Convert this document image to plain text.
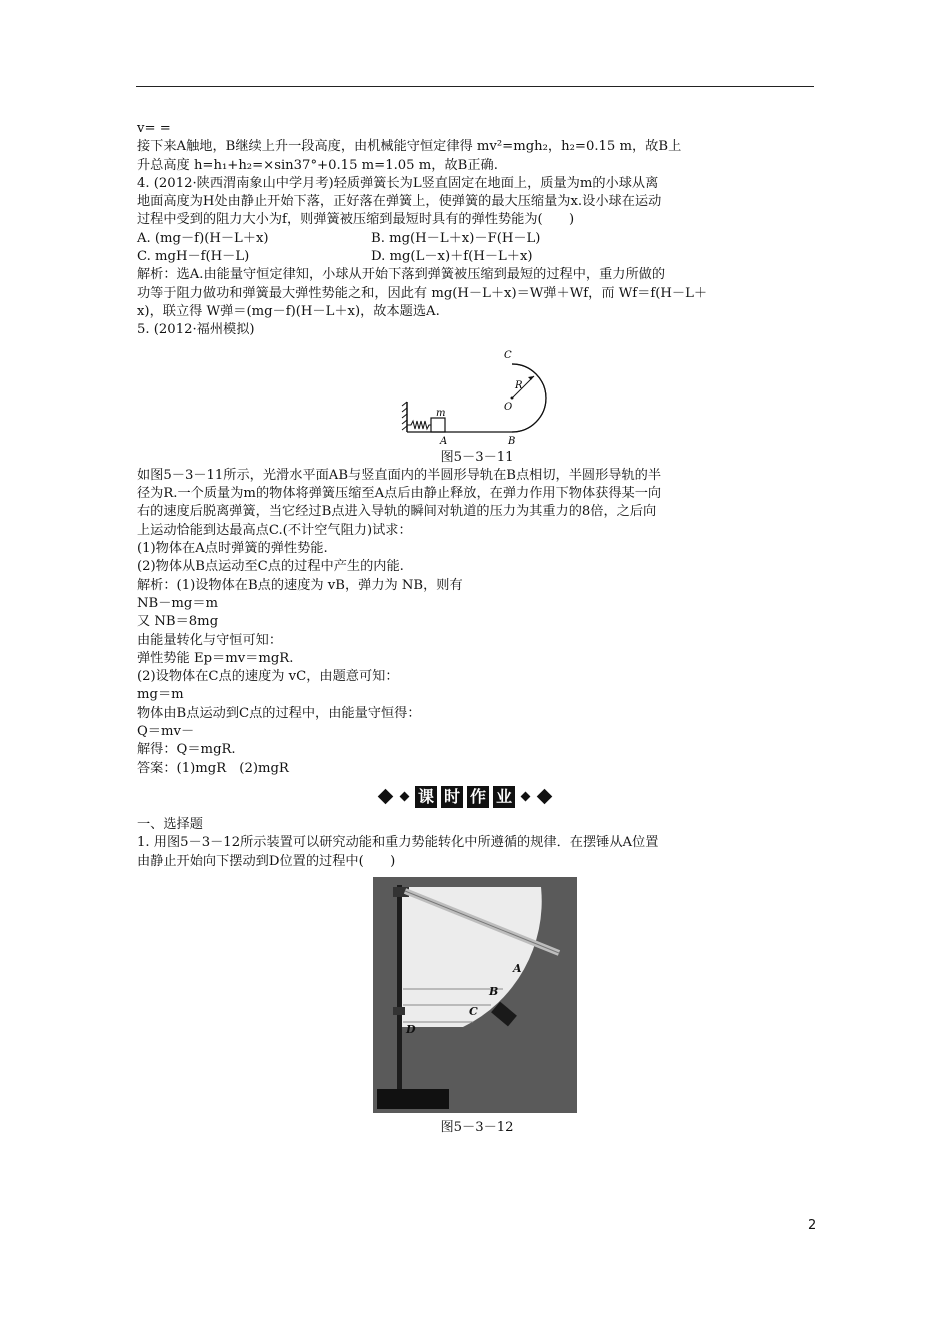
v= =
接下来A触地，B继续上升一段高度，由机械能守恒定律得 mv²=mgh₂，h₂=0.15 m，故B上
升总高度 h=h₁+h₂=×sin37°+0.15 m=1.05 m，故B正确.
4. (2012·陕西渭南象山中学月考)轻质弹簧长为L竖直固定在地面上，质量为m的小球从离
地面高度为H处由静止开始下落，正好落在弹簧上，使弹簧的最大压缩量为x.设小球在运动
过程中受到的阻力大小为f，则弹簧被压缩到最短时具有的弹性势能为(　　)
A. (mg－f)(H－L＋x)	B. mg(H－L＋x)－F(H－L)
C. mgH－f(H－L)	D. mg(L－x)＋f(H－L＋x)
解析：选A.由能量守恒定律知，小球从开始下落到弹簧被压缩到最短的过程中，重力所做的
功等于阻力做功和弹簧最大弹性势能之和，因此有 mg(H－L＋x)＝W弹＋Wf，而 Wf＝f(H－L＋
x)，联立得 W弹＝(mg－f)(H－L＋x)，故本题选A.
5. (2012·福州模拟)
m
A	B
C
R
O
图5－3－11
如图5－3－11所示，光滑水平面AB与竖直面内的半圆形导轨在B点相切，半圆形导轨的半
径为R.一个质量为m的物体将弹簧压缩至A点后由静止释放，在弹力作用下物体获得某一向
右的速度后脱离弹簧，当它经过B点进入导轨的瞬间对轨道的压力为其重力的8倍，之后向
上运动恰能到达最高点C.(不计空气阻力)试求：
(1)物体在A点时弹簧的弹性势能.
(2)物体从B点运动至C点的过程中产生的内能.
解析：(1)设物体在B点的速度为 vB，弹力为 NB，则有
NB－mg＝m
又 NB＝8mg
由能量转化与守恒可知：
弹性势能 Ep＝mv＝mgR.
(2)设物体在C点的速度为 vC，由题意可知：
mg＝m
物体由B点运动到C点的过程中，由能量守恒得：
Q＝mv－
解得：Q＝mgR.
答案：(1)mgR　(2)mgR
课 时 作 业
一、选择题
1. 用图5－3－12所示装置可以研究动能和重力势能转化中所遵循的规律．在摆锤从A位置
由静止开始向下摆动到D位置的过程中(　　)
A
B
C
D
图5－3－12
2
